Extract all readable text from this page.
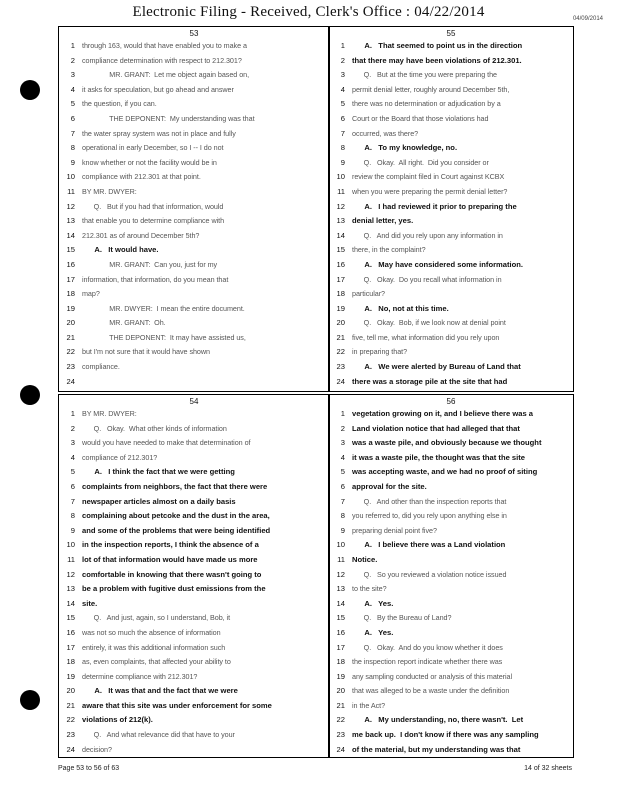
Electronic Filing - Received, Clerk's Office : 04/22/2014	04/09/2014
53
1 through 163, would that have enabled you to make a
2 compliance determination with respect to 212.301?
3 MR. GRANT:  Let me object again based on,
4 it asks for speculation, but go ahead and answer
5 the question, if you can.
6 THE DEPONENT:  My understanding was that
7 the water spray system was not in place and fully
8 operational in early December, so I -- I do not
9 know whether or not the facility would be in
10 compliance with 212.301 at that point.
11 BY MR. DWYER:
12 Q.   But if you had that information, would
13 that enable you to determine compliance with
14 212.301 as of around December 5th?
15 A.   It would have.
16 MR. GRANT:  Can you, just for my
17 information, that information, do you mean that
18 map?
19 MR. DWYER:  I mean the entire document.
20 MR. GRANT:  Oh.
21 THE DEPONENT:  It may have assisted us,
22 but I'm not sure that it would have shown
23 compliance.
24
55
1 A.   That seemed to point us in the direction
2 that there may have been violations of 212.301.
3 Q.   But at the time you were preparing the
4 permit denial letter, roughly around December 5th,
5 there was no determination or adjudication by a
6 Court or the Board that those violations had
7 occurred, was there?
8 A.   To my knowledge, no.
9 Q.   Okay.  All right.  Did you consider or
10 review the complaint filed in Court against KCBX
11 when you were preparing the permit denial letter?
12 A.   I had reviewed it prior to preparing the
13 denial letter, yes.
14 Q.   And did you rely upon any information in
15 there, in the complaint?
16 A.   May have considered some information.
17 Q.   Okay.  Do you recall what information in
18 particular?
19 A.   No, not at this time.
20 Q.   Okay.  Bob, if we look now at denial point
21 five, tell me, what information did you rely upon
22 in preparing that?
23 A.   We were alerted by Bureau of Land that
24 there was a storage pile at the site that had
54
1 BY MR. DWYER:
2 Q.   Okay.  What other kinds of information
3 would you have needed to make that determination of
4 compliance of 212.301?
5 A.   I think the fact that we were getting
6 complaints from neighbors, the fact that there were
7 newspaper articles almost on a daily basis
8 complaining about petcoke and the dust in the area,
9 and some of the problems that were being identified
10 in the inspection reports, I think the absence of a
11 lot of that information would have made us more
12 comfortable in knowing that there wasn't going to
13 be a problem with fugitive dust emissions from the
14 site.
15 Q.   And just, again, so I understand, Bob, it
16 was not so much the absence of information
17 entirely, it was this additional information such
18 as, even complaints, that affected your ability to
19 determine compliance with 212.301?
20 A.   It was that and the fact that we were
21 aware that this site was under enforcement for some
22 violations of 212(k).
23 Q.   And what relevance did that have to your
24 decision?
56
1 vegetation growing on it, and I believe there was a
2 Land violation notice that had alleged that that
3 was a waste pile, and obviously because we thought
4 it was a waste pile, the thought was that the site
5 was accepting waste, and we had no proof of siting
6 approval for the site.
7 Q.   And other than the inspection reports that
8 you referred to, did you rely upon anything else in
9 preparing denial point five?
10 A.   I believe there was a Land violation
11 Notice.
12 Q.   So you reviewed a violation notice issued
13 to the site?
14 A.   Yes.
15 Q.   By the Bureau of Land?
16 A.   Yes.
17 Q.   Okay.  And do you know whether it does
18 the inspection report indicate whether there was
19 any sampling conducted or analysis of this material
20 that was alleged to be a waste under the definition
21 in the Act?
22 A.   My understanding, no, there wasn't.  Let
23 me back up.  I don't know if there was any sampling
24 of the material, but my understanding was that
Page 53 to 56 of 63	14 of 32 sheets
